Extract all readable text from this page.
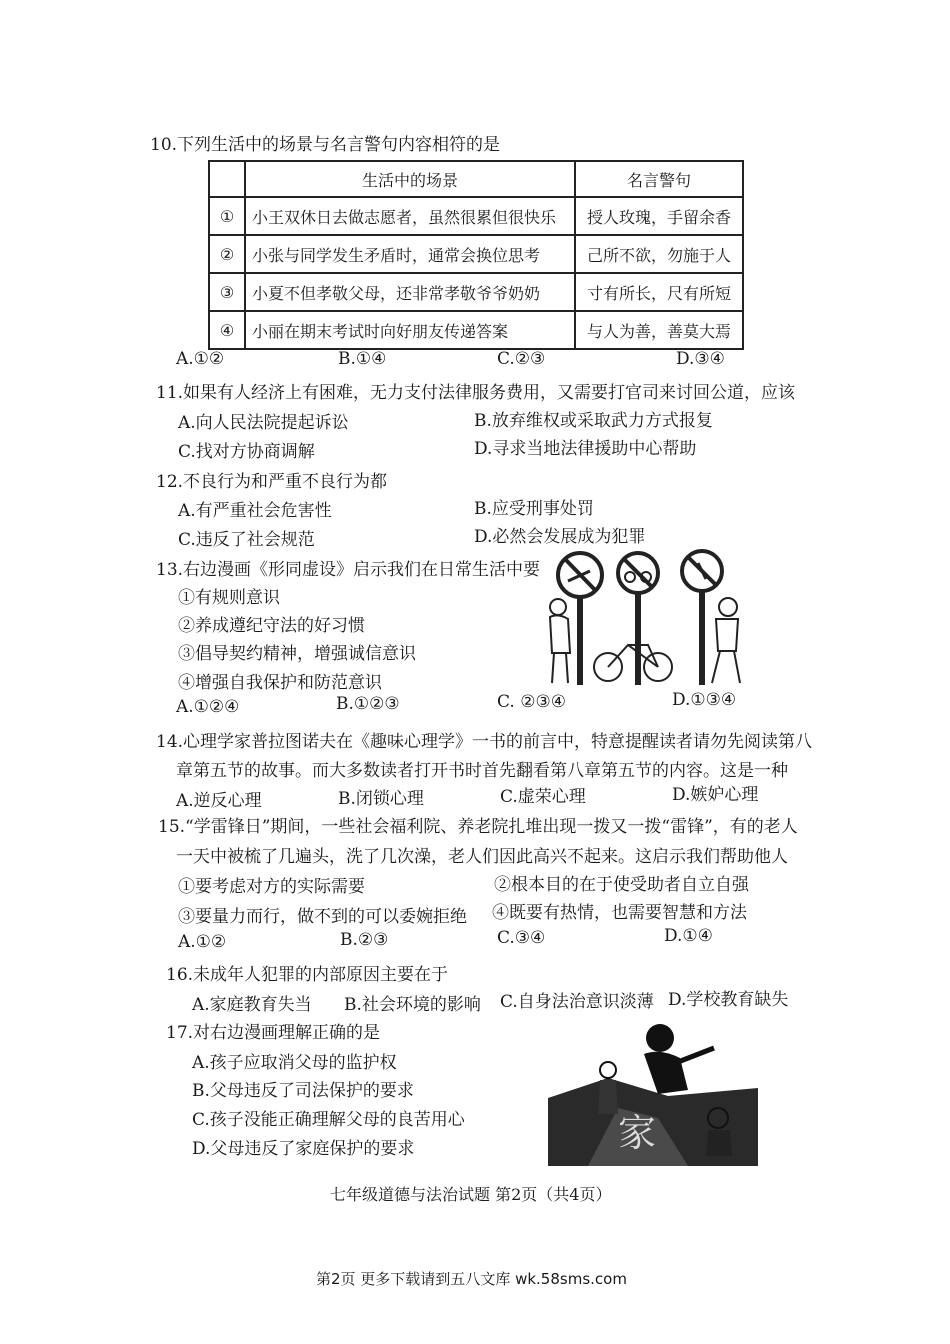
10.下列生活中的场景与名言警句内容相符的是
	生活中的场景	名言警句
①	小王双休日去做志愿者，虽然很累但很快乐	授人玫瑰，手留余香
②	小张与同学发生矛盾时，通常会换位思考	己所不欲，勿施于人
③	小夏不但孝敬父母，还非常孝敬爷爷奶奶	寸有所长，尺有所短
④	小丽在期末考试时向好朋友传递答案	与人为善，善莫大焉
A.①②	B.①④	C.②③	D.③④
11.如果有人经济上有困难，无力支付法律服务费用，又需要打官司来讨回公道，应该
A.向人民法院提起诉讼	B.放弃维权或采取武力方式报复
C.找对方协商调解	D.寻求当地法律援助中心帮助
12.不良行为和严重不良行为都
A.有严重社会危害性	B.应受刑事处罚
C.违反了社会规范	D.必然会发展成为犯罪
13.右边漫画《形同虚设》启示我们在日常生活中要
①有规则意识
②养成遵纪守法的好习惯
③倡导契约精神，增强诚信意识
④增强自我保护和防范意识
A.①②④	B.①②③	C. ②③④	D.①③④
14.心理学家普拉图诺夫在《趣味心理学》一书的前言中，特意提醒读者请勿先阅读第八
章第五节的故事。而大多数读者打开书时首先翻看第八章第五节的内容。这是一种
A.逆反心理	B.闭锁心理	C.虚荣心理	D.嫉妒心理
15.“学雷锋日”期间，一些社会福利院、养老院扎堆出现一拨又一拨“雷锋”，有的老人
一天中被梳了几遍头，洗了几次澡，老人们因此高兴不起来。这启示我们帮助他人
①要考虑对方的实际需要	②根本目的在于使受助者自立自强
③要量力而行，做不到的可以委婉拒绝 ④既要有热情，也需要智慧和方法
A.①②	B.②③	C.③④	D.①④
16.未成年人犯罪的内部原因主要在于
A.家庭教育失当 B.社会环境的影响 C.自身法治意识淡薄 D.学校教育缺失
17.对右边漫画理解正确的是
A.孩子应取消父母的监护权
B.父母违反了司法保护的要求
C.孩子没能正确理解父母的良苦用心
D.父母违反了家庭保护的要求	家
七年级道德与法治试题 第2页（共4页）
第2页 更多下载请到五八文库 wk.58sms.com
